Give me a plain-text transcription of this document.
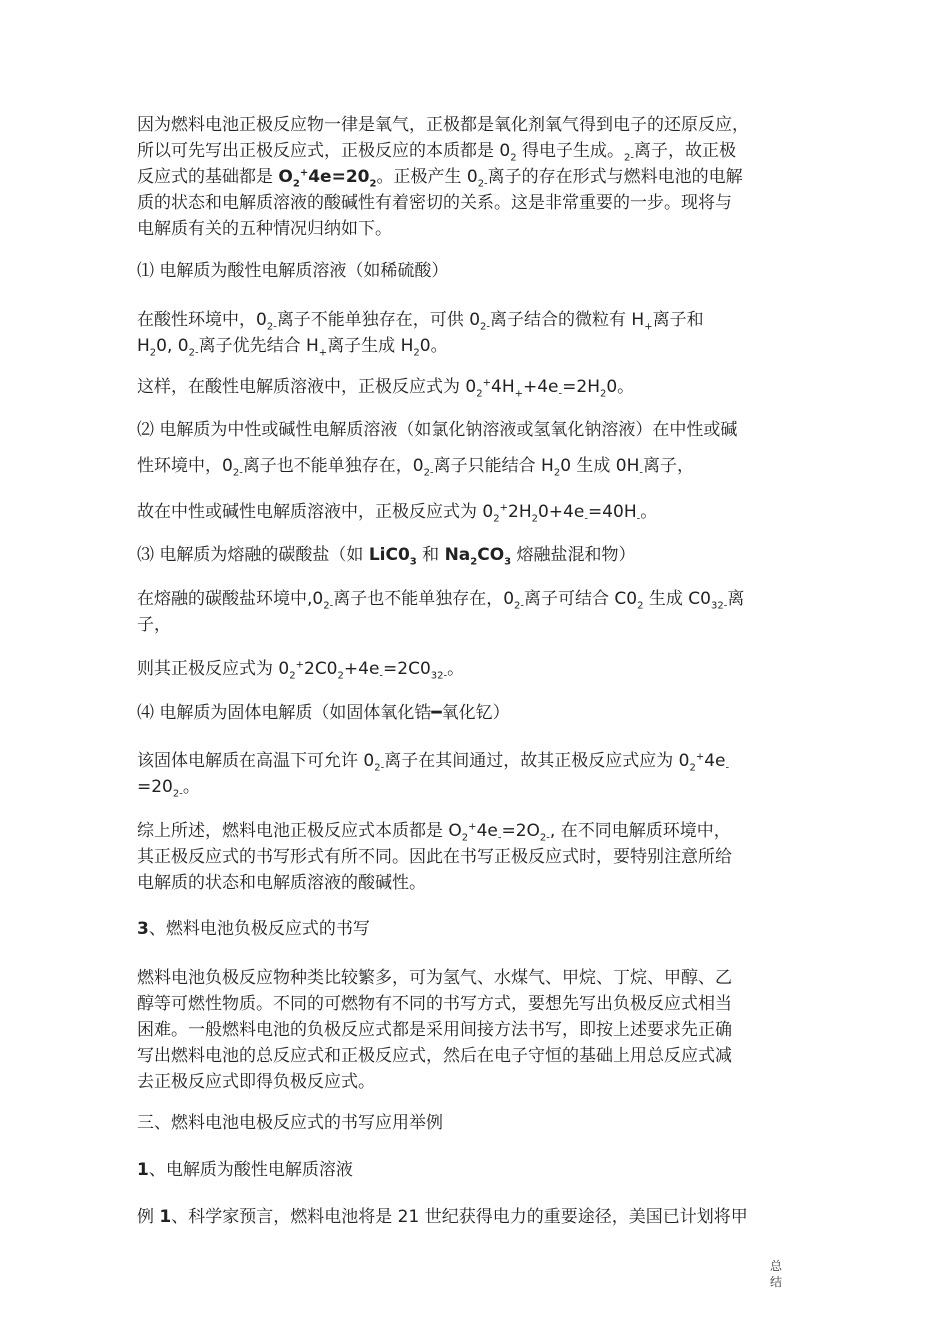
因为燃料电池正极反应物一律是氧气，正极都是氧化剂氧气得到电子的还原反应，
所以可先写出正极反应式，正极反应的本质都是 $0_2$ 得电子生成。$_{2-}$离子，故正极
反应式的基础都是 $O_2^+4e=20_2$。正极产生 $0_{2-}$离子的存在形式与燃料电池的电解
质的状态和电解质溶液的酸碱性有着密切的关系。这是非常重要的一步。现将与
电解质有关的五种情况归纳如下。
⑴ 电解质为酸性电解质溶液（如稀硫酸）
在酸性环境中，$0_{2-}$离子不能单独存在，可供 $0_{2-}$离子结合的微粒有 $H_+$离子和
$H_20$, $0_{2-}$离子优先结合 $H_+$离子生成 $H_20$。
这样，在酸性电解质溶液中，正极反应式为 $0_2^+4H_++4e_-=2H_20$。
⑵ 电解质为中性或碱性电解质溶液（如氯化钠溶液或氢氧化钠溶液）在中性或碱
性环境中，$0_{2-}$离子也不能单独存在，$0_{2-}$离子只能结合 $H_20$ 生成 $0H_-$离子，
故在中性或碱性电解质溶液中，正极反应式为 $0_2^+2H_20+4e_-=40H_-$。
⑶ 电解质为熔融的碳酸盐（如 $LiC0_3$ 和 $Na_2CO_3$ 熔融盐混和物）
在熔融的碳酸盐环境中$,0_{2-}$离子也不能单独存在，$0_{2-}$离子可结合 $C0_2$ 生成 $C0_{32-}$离
子，
则其正极反应式为 $0_2^+2C0_2+4e_-=2C0_{32-}$。
⑷ 电解质为固体电解质（如固体氧化锆━氧化钇）
该固体电解质在高温下可允许 $0_{2-}$离子在其间通过，故其正极反应式应为 $0_2^+4e_-$
$=20_{2-}$。
综上所述，燃料电池正极反应式本质都是 $O_2^+4e_-=2O_{2-}$, 在不同电解质环境中，
其正极反应式的书写形式有所不同。因此在书写正极反应式时，要特别注意所给
电解质的状态和电解质溶液的酸碱性。
3、燃料电池负极反应式的书写
燃料电池负极反应物种类比较繁多，可为氢气、水煤气、甲烷、丁烷、甲醇、乙
醇等可燃性物质。不同的可燃物有不同的书写方式，要想先写出负极反应式相当
困难。一般燃料电池的负极反应式都是采用间接方法书写，即按上述要求先正确
写出燃料电池的总反应式和正极反应式，然后在电子守恒的基础上用总反应式减
去正极反应式即得负极反应式。
三、燃料电池电极反应式的书写应用举例
1、电解质为酸性电解质溶液
例 1、科学家预言，燃料电池将是 21 世纪获得电力的重要途径，美国已计划将甲
总
结
